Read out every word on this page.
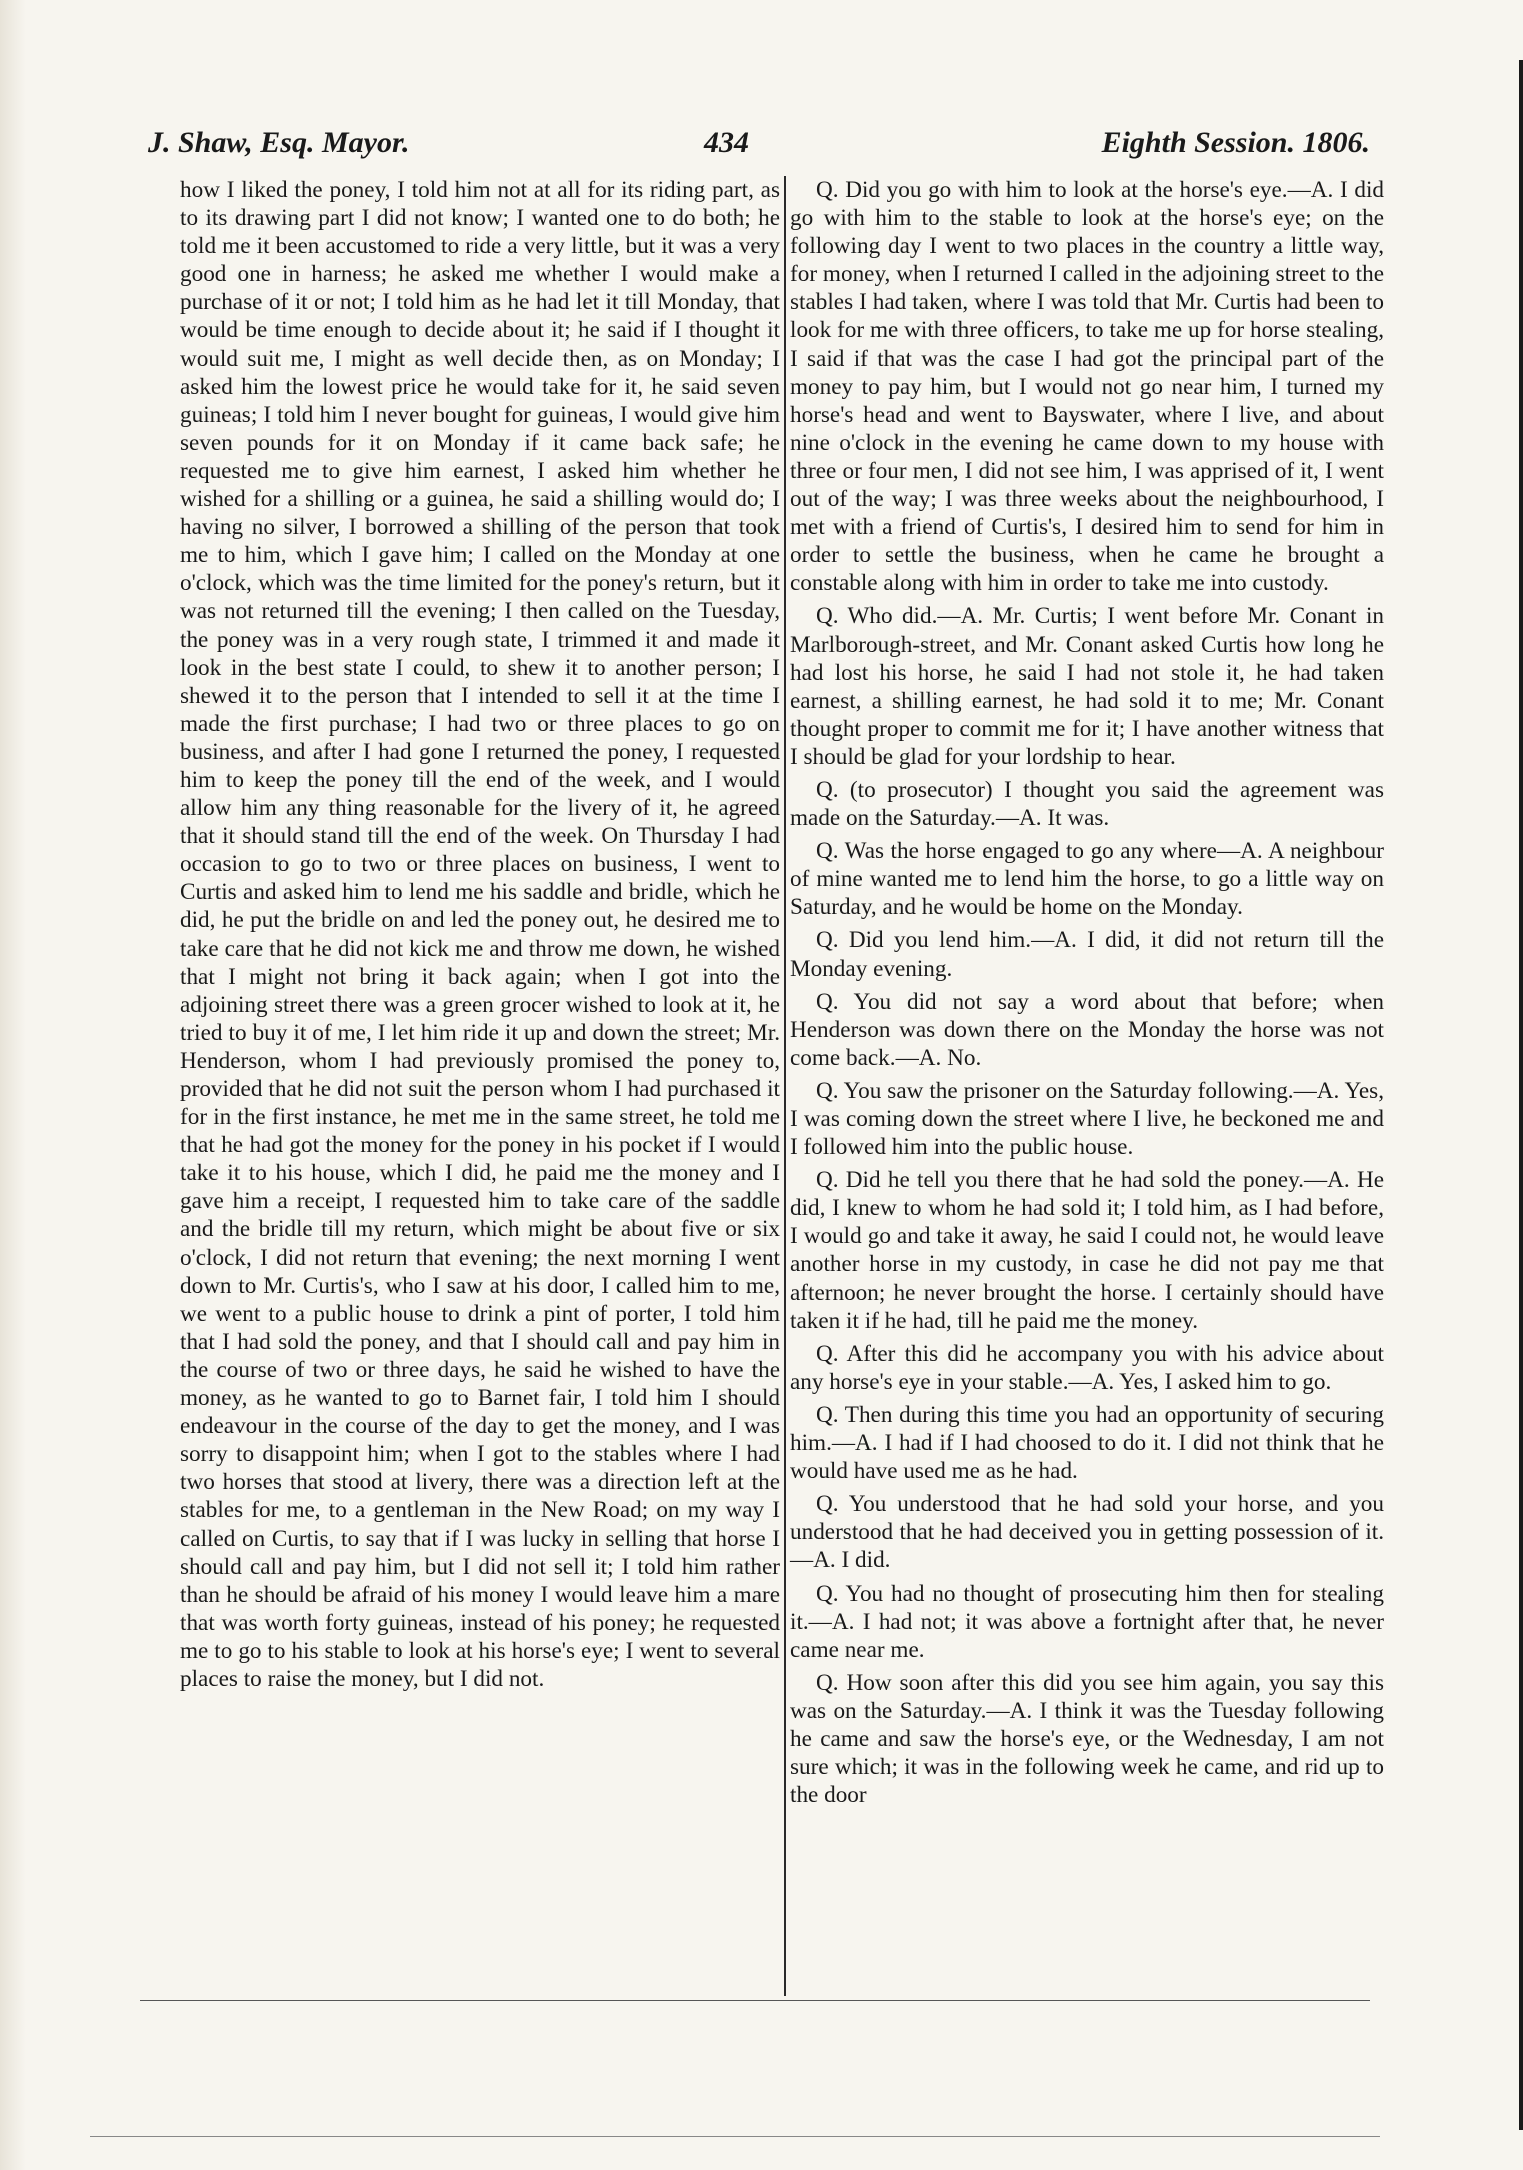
J. Shaw, Esq. Mayor.	434	Eighth Session. 1806.

how I liked the poney, I told him not at all for its riding part, as to its drawing part I did not know; I wanted one to do both; he told me it been accustomed to ride a very little, but it was a very good one in harness; he asked me whether I would make a purchase of it or not; I told him as he had let it till Monday, that would be time enough to decide about it; he said if I thought it would suit me, I might as well decide then, as on Monday; I asked him the lowest price he would take for it, he said seven guineas; I told him I never bought for guineas, I would give him seven pounds for it on Monday if it came back safe; he requested me to give him earnest, I asked him whether he wished for a shilling or a guinea, he said a shilling would do; I having no silver, I borrowed a shilling of the person that took me to him, which I gave him; I called on the Monday at one o'clock, which was the time limited for the poney's return, but it was not returned till the evening; I then called on the Tuesday, the poney was in a very rough state, I trimmed it and made it look in the best state I could, to shew it to another person; I shewed it to the person that I intended to sell it at the time I made the first purchase; I had two or three places to go on business, and after I had gone I returned the poney, I requested him to keep the poney till the end of the week, and I would allow him any thing reasonable for the livery of it, he agreed that it should stand till the end of the week. On Thursday I had occasion to go to two or three places on business, I went to Curtis and asked him to lend me his saddle and bridle, which he did, he put the bridle on and led the poney out, he desired me to take care that he did not kick me and throw me down, he wished that I might not bring it back again; when I got into the adjoining street there was a green grocer wished to look at it, he tried to buy it of me, I let him ride it up and down the street; Mr. Henderson, whom I had previously promised the poney to, provided that he did not suit the person whom I had purchased it for in the first instance, he met me in the same street, he told me that he had got the money for the poney in his pocket if I would take it to his house, which I did, he paid me the money and I gave him a receipt, I requested him to take care of the saddle and the bridle till my return, which might be about five or six o'clock, I did not return that evening; the next morning I went down to Mr. Curtis's, who I saw at his door, I called him to me, we went to a public house to drink a pint of porter, I told him that I had sold the poney, and that I should call and pay him in the course of two or three days, he said he wished to have the money, as he wanted to go to Barnet fair, I told him I should endeavour in the course of the day to get the money, and I was sorry to disappoint him; when I got to the stables where I had two horses that stood at livery, there was a direction left at the stables for me, to a gentleman in the New Road; on my way I called on Curtis, to say that if I was lucky in selling that horse I should call and pay him, but I did not sell it; I told him rather than he should be afraid of his money I would leave him a mare that was worth forty guineas, instead of his poney; he requested me to go to his stable to look at his horse's eye; I went to several places to raise the money, but I did not.

Q. Did you go with him to look at the horse's eye.—A. I did go with him to the stable to look at the horse's eye; on the following day I went to two places in the country a little way, for money, when I returned I called in the adjoining street to the stables I had taken, where I was told that Mr. Curtis had been to look for me with three officers, to take me up for horse stealing, I said if that was the case I had got the principal part of the money to pay him, but I would not go near him, I turned my horse's head and went to Bayswater, where I live, and about nine o'clock in the evening he came down to my house with three or four men, I did not see him, I was apprised of it, I went out of the way; I was three weeks about the neighbourhood, I met with a friend of Curtis's, I desired him to send for him in order to settle the business, when he came he brought a constable along with him in order to take me into custody.

Q. Who did.—A. Mr. Curtis; I went before Mr. Conant in Marlborough-street, and Mr. Conant asked Curtis how long he had lost his horse, he said I had not stole it, he had taken earnest, a shilling earnest, he had sold it to me; Mr. Conant thought proper to commit me for it; I have another witness that I should be glad for your lordship to hear.

Q. (to prosecutor) I thought you said the agreement was made on the Saturday.—A. It was.

Q. Was the horse engaged to go any where—A. A neighbour of mine wanted me to lend him the horse, to go a little way on Saturday, and he would be home on the Monday.

Q. Did you lend him.—A. I did, it did not return till the Monday evening.

Q. You did not say a word about that before; when Henderson was down there on the Monday the horse was not come back.—A. No.

Q. You saw the prisoner on the Saturday following.—A. Yes, I was coming down the street where I live, he beckoned me and I followed him into the public house.

Q. Did he tell you there that he had sold the poney.—A. He did, I knew to whom he had sold it; I told him, as I had before, I would go and take it away, he said I could not, he would leave another horse in my custody, in case he did not pay me that afternoon; he never brought the horse. I certainly should have taken it if he had, till he paid me the money.

Q. After this did he accompany you with his advice about any horse's eye in your stable.—A. Yes, I asked him to go.

Q. Then during this time you had an opportunity of securing him.—A. I had if I had choosed to do it. I did not think that he would have used me as he had.

Q. You understood that he had sold your horse, and you understood that he had deceived you in getting possession of it.—A. I did.

Q. You had no thought of prosecuting him then for stealing it.—A. I had not; it was above a fortnight after that, he never came near me.

Q. How soon after this did you see him again, you say this was on the Saturday.—A. I think it was the Tuesday following he came and saw the horse's eye, or the Wednesday, I am not sure which; it was in the following week he came, and rid up to the door
